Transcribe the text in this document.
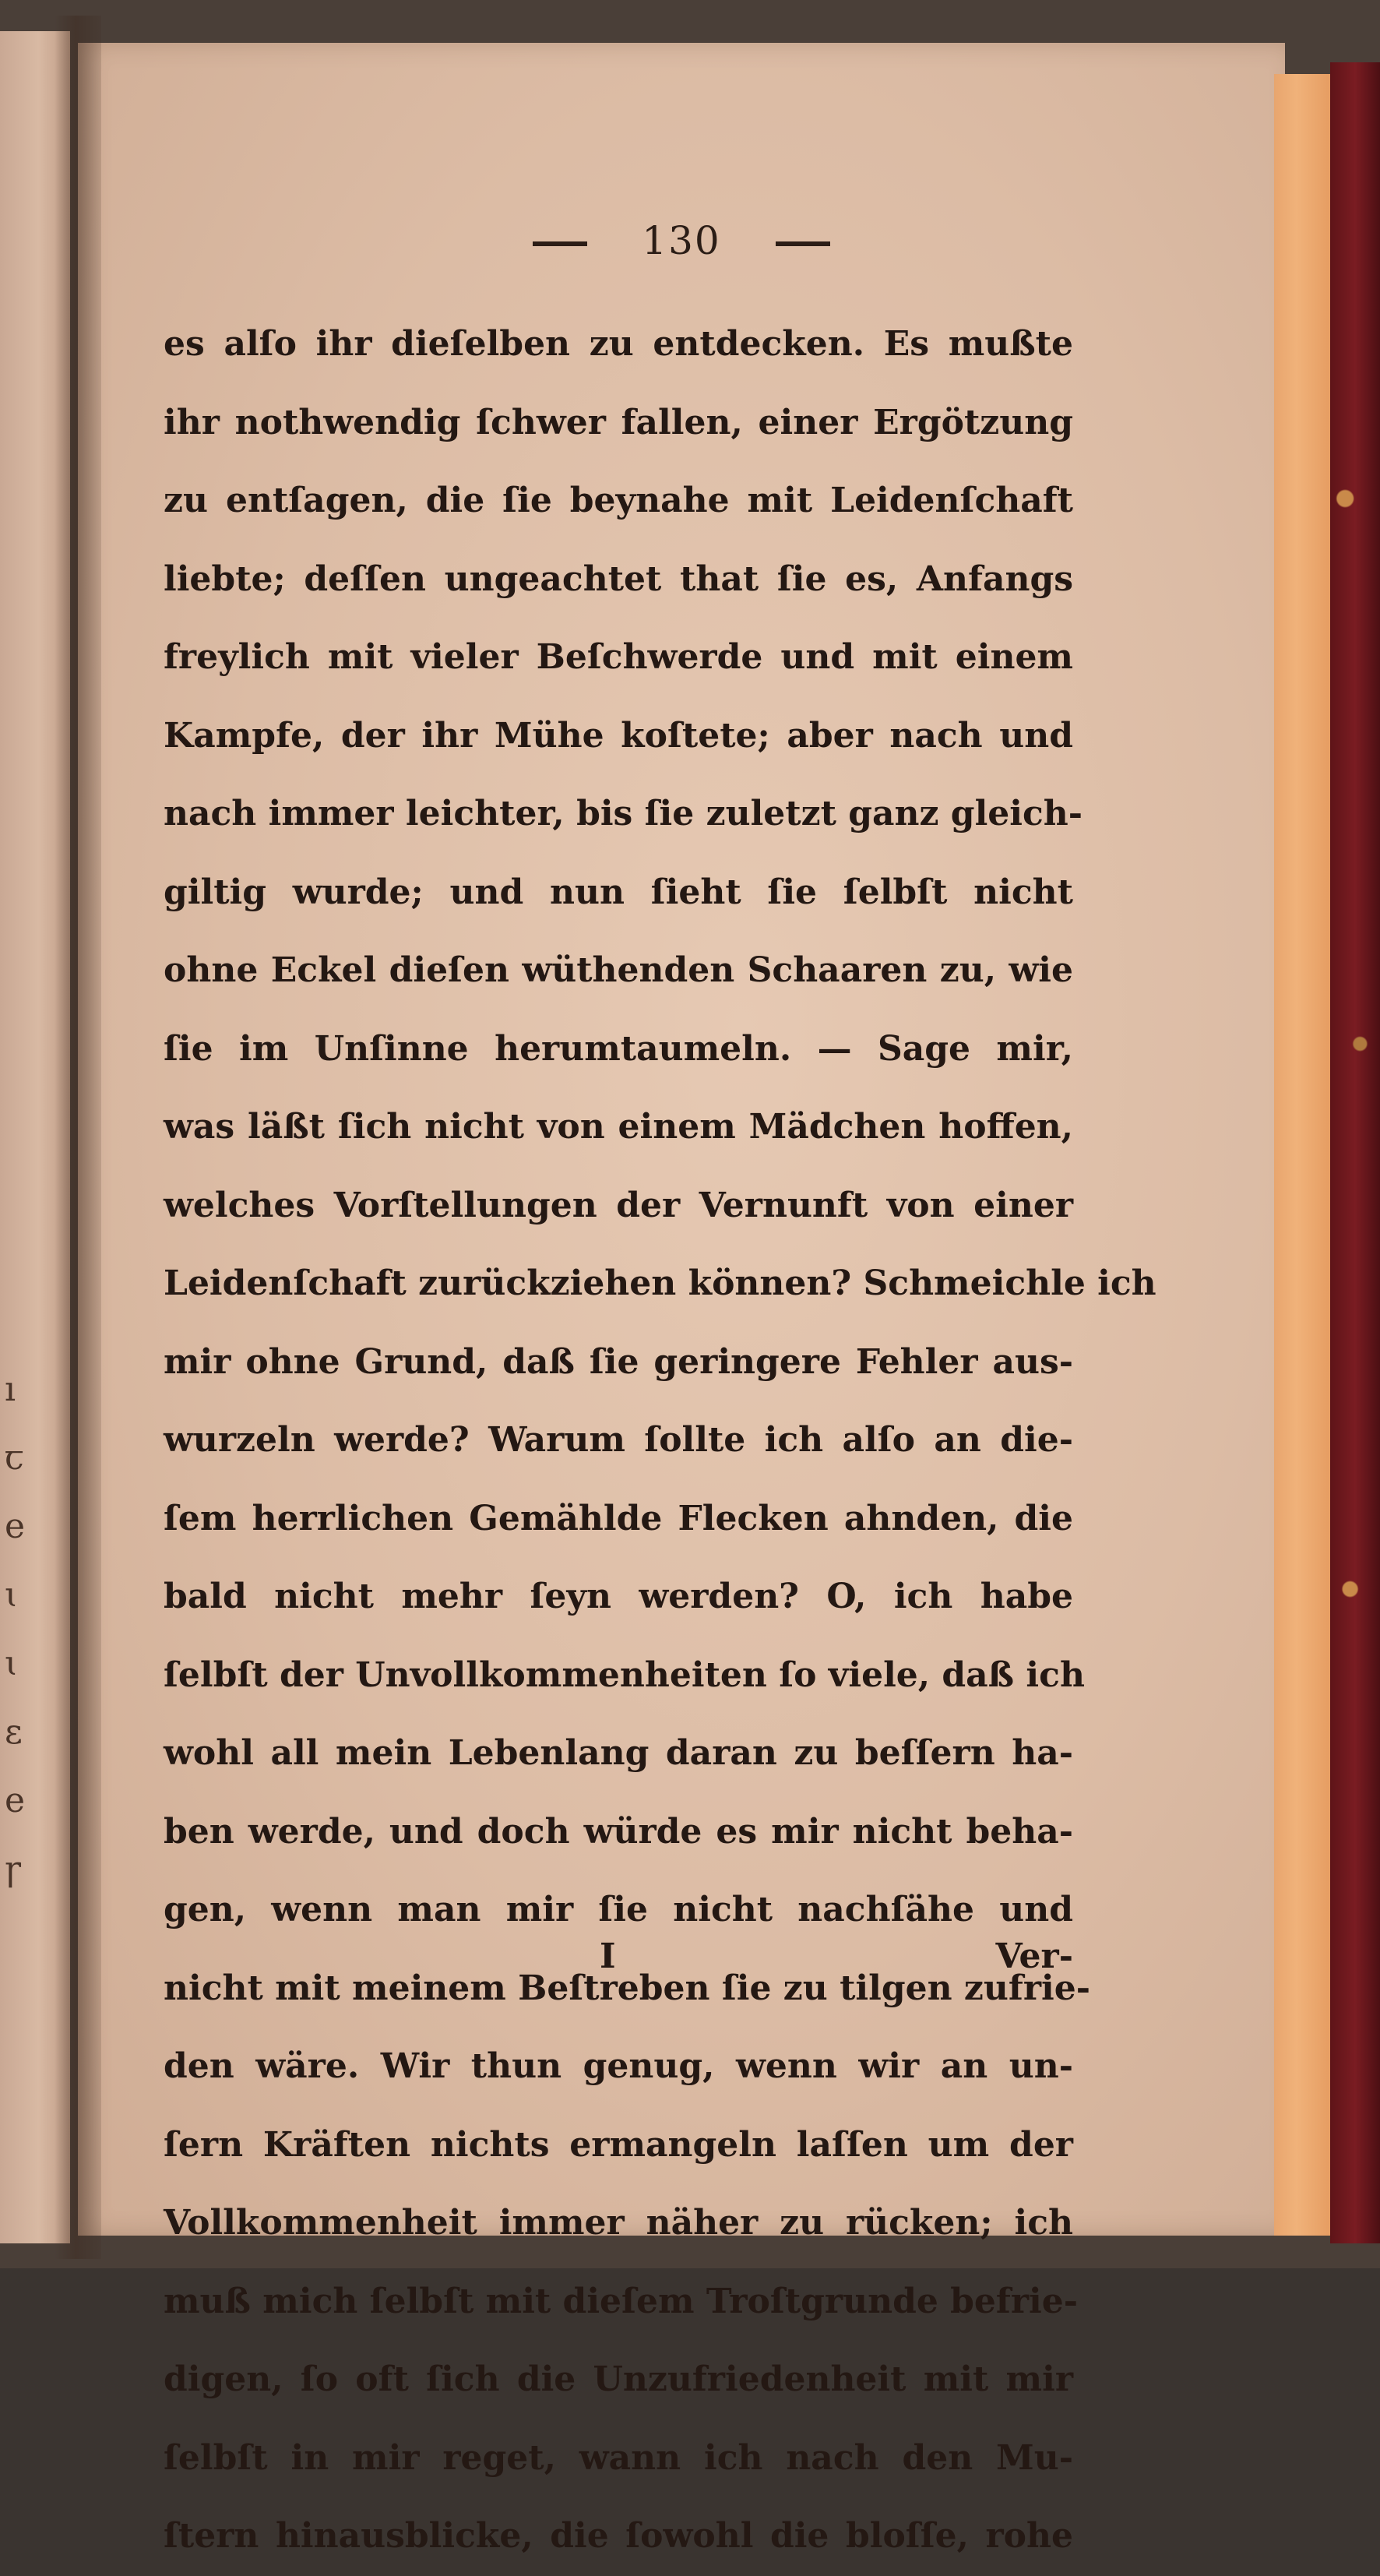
ı
ꞇ
e
ɩ
ɩ
ɛ
e
ꞅ
130
es alſo ihr dieſelben zu entdecken. Es mußte
ihr nothwendig ſchwer fallen, einer Ergötzung
zu entſagen, die ſie beynahe mit Leidenſchaft
liebte; deſſen ungeachtet that ſie es, Anfangs
freylich mit vieler Beſchwerde und mit einem
Kampfe, der ihr Mühe koſtete; aber nach und
nach immer leichter, bis ſie zuletzt ganz gleich-
giltig wurde; und nun ſieht ſie ſelbſt nicht
ohne Eckel dieſen wüthenden Schaaren zu, wie
ſie im Unſinne herumtaumeln. — Sage mir,
was läßt ſich nicht von einem Mädchen hoffen,
welches Vorſtellungen der Vernunft von einer
Leidenſchaft zurückziehen können? Schmeichle ich
mir ohne Grund, daß ſie geringere Fehler aus-
wurzeln werde? Warum ſollte ich alſo an die-
ſem herrlichen Gemählde Flecken ahnden, die
bald nicht mehr ſeyn werden? O, ich habe
ſelbſt der Unvollkommenheiten ſo viele, daß ich
wohl all mein Lebenlang daran zu beſſern ha-
ben werde, und doch würde es mir nicht beha-
gen, wenn man mir ſie nicht nachſähe und
nicht mit meinem Beſtreben ſie zu tilgen zufrie-
den wäre. Wir thun genug, wenn wir an un-
ſern Kräften nichts ermangeln laſſen um der
Vollkommenheit immer näher zu rücken; ich
muß mich ſelbſt mit dieſem Troſtgrunde befrie-
digen, ſo oft ſich die Unzufriedenheit mit mir
ſelbſt in mir reget, wann ich nach den Mu-
ſtern hinausblicke, die ſowohl die bloſſe, rohe
I	Ver-
